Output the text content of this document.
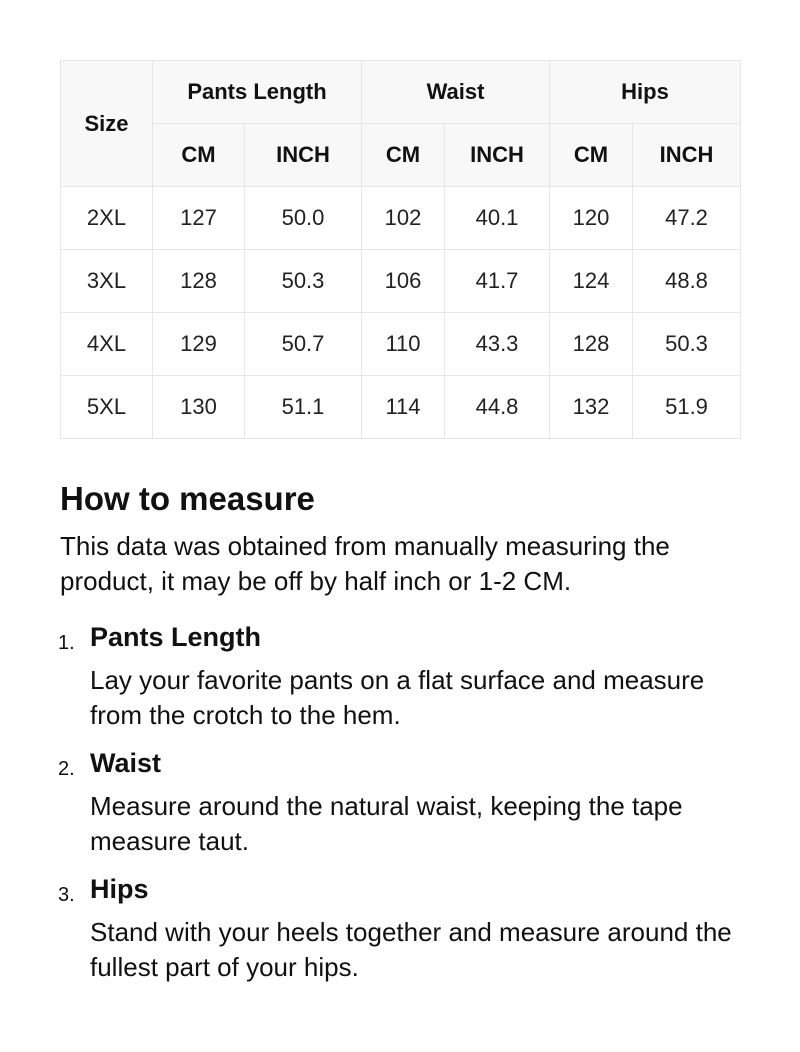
Size	Pants Length		Waist		Hips	
	CM	INCH	CM	INCH	CM	INCH
2XL	127	50.0	102	40.1	120	47.2
3XL	128	50.3	106	41.7	124	48.8
4XL	129	50.7	110	43.3	128	50.3
5XL	130	51.1	114	44.8	132	51.9
How to measure

This data was obtained from manually measuring the product, it may be off by half inch or 1-2 CM.

1. Pants Length
Lay your favorite pants on a flat surface and measure from the crotch to the hem.
2. Waist
Measure around the natural waist, keeping the tape measure taut.
3. Hips
Stand with your heels together and measure around the fullest part of your hips.
